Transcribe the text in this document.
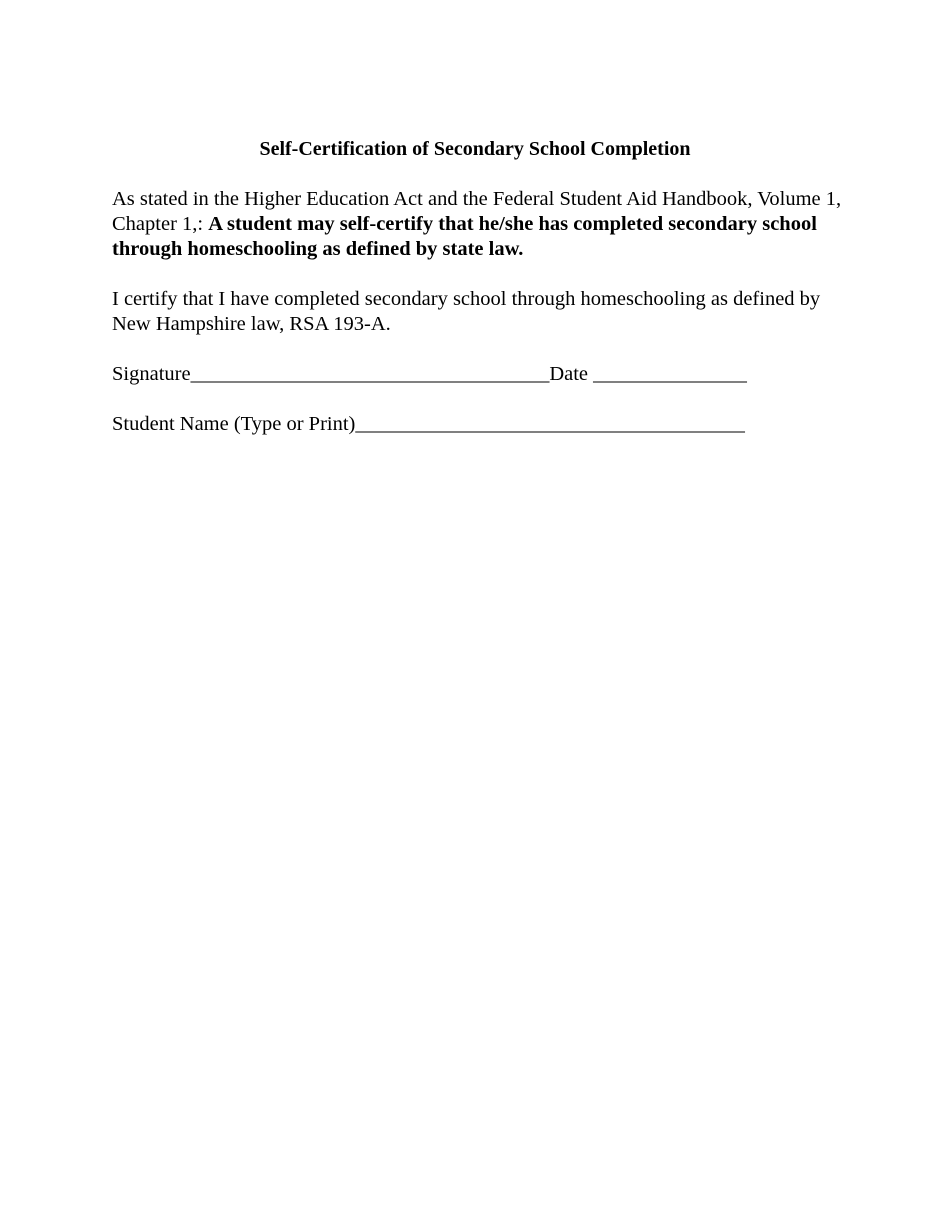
Self-Certification of Secondary School Completion
As stated in the Higher Education Act and the Federal Student Aid Handbook, Volume 1, Chapter 1,: A student may self-certify that he/she has completed secondary school through homeschooling as defined by state law.
I certify that I have completed secondary school through homeschooling as defined by New Hampshire law, RSA 193-A.
Signature___________________________________Date _______________
Student Name (Type or Print)______________________________________
